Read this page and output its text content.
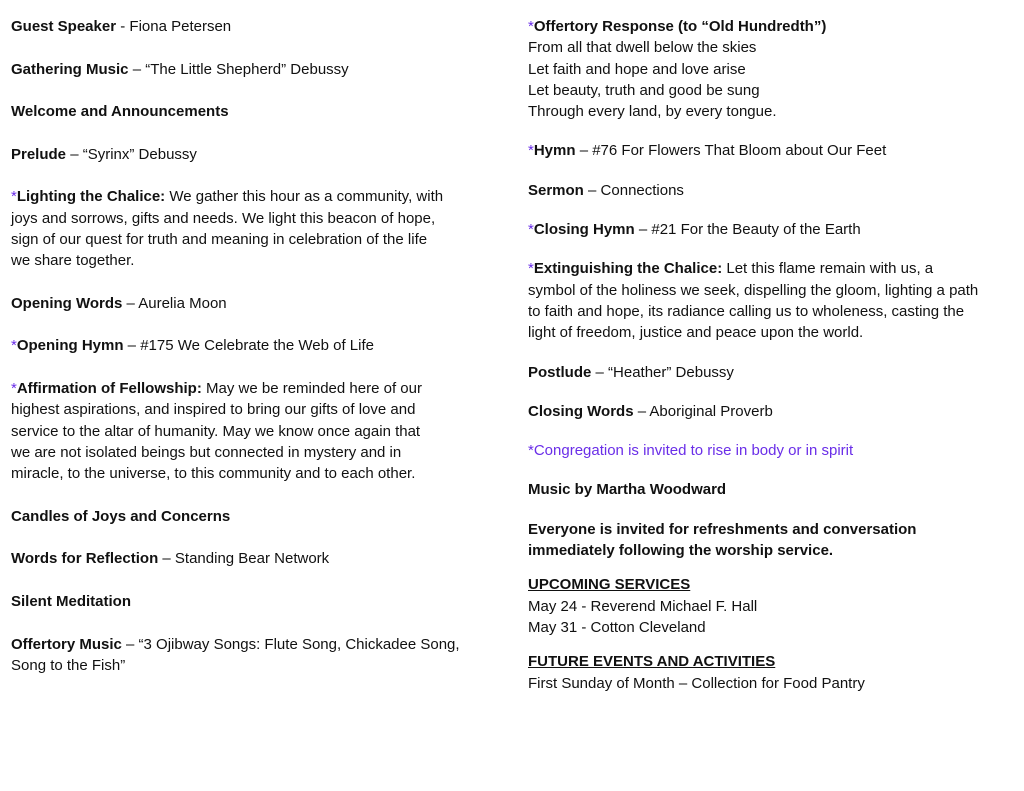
Guest Speaker - Fiona Petersen
Gathering Music – “The Little Shepherd” Debussy
Welcome and Announcements
Prelude – “Syrinx” Debussy
*Lighting the Chalice: We gather this hour as a community, with
joys and sorrows, gifts and needs. We light this beacon of hope,
sign of our quest for truth and meaning in celebration of the life
we share together.
Opening Words – Aurelia Moon
*Opening Hymn – #175 We Celebrate the Web of Life
*Affirmation of Fellowship: May we be reminded here of our
highest aspirations, and inspired to bring our gifts of love and
service to the altar of humanity. May we know once again that
we are not isolated beings but connected in mystery and in
miracle, to the universe, to this community and to each other.
Candles of Joys and Concerns
Words for Reflection – Standing Bear Network
Silent Meditation
Offertory Music – “3 Ojibway Songs: Flute Song, Chickadee Song,
Song to the Fish”
*Offertory Response (to “Old Hundredth”)
From all that dwell below the skies
Let faith and hope and love arise
Let beauty, truth and good be sung
Through every land, by every tongue.
*Hymn – #76 For Flowers That Bloom about Our Feet
Sermon – Connections
*Closing Hymn – #21 For the Beauty of the Earth
*Extinguishing the Chalice: Let this flame remain with us, a
symbol of the holiness we seek, dispelling the gloom, lighting a path
to faith and hope, its radiance calling us to wholeness, casting the
light of freedom, justice and peace upon the world.
Postlude – “Heather” Debussy
Closing Words – Aboriginal Proverb
*Congregation is invited to rise in body or in spirit
Music by Martha Woodward
Everyone is invited for refreshments and conversation
immediately following the worship service.
UPCOMING SERVICES
May 24 - Reverend Michael F. Hall
May 31 - Cotton Cleveland
FUTURE EVENTS AND ACTIVITIES
First Sunday of Month – Collection for Food Pantry
